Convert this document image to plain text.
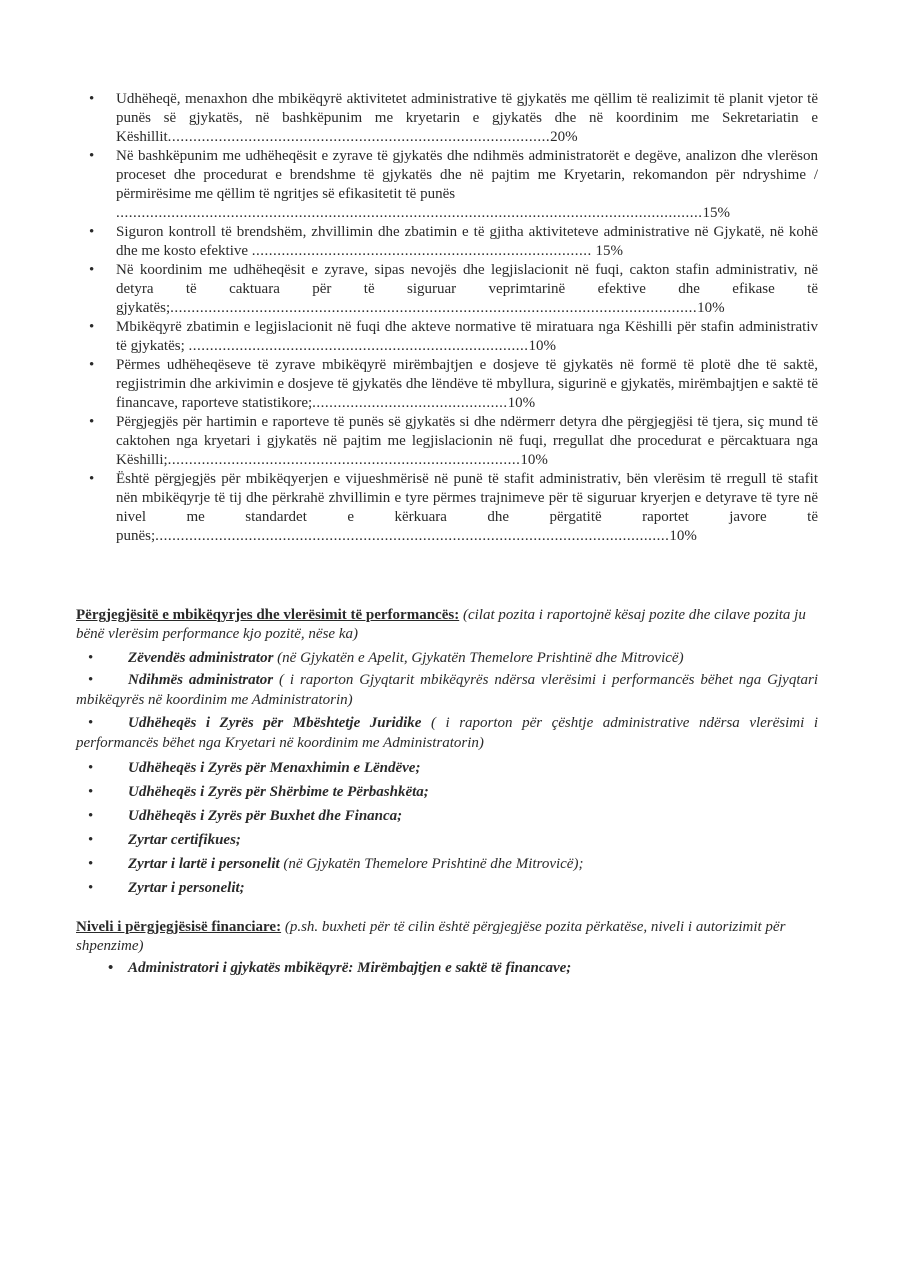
• Udhëheqë, menaxhon dhe mbikëqyrë aktivitetet administrative të gjykatës me qëllim të realizimit të planit vjetor të punës së gjykatës, në bashkëpunim me kryetarin e gjykatës dhe në koordinim me Sekretariatin e Këshillit..........................................................................................20%
• Në bashkëpunim me udhëheqësit e zyrave të gjykatës dhe ndihmës administratorët e degëve, analizon dhe vlerëson proceset dhe procedurat e brendshme të gjykatës dhe në pajtim me Kryetarin, rekomandon për ndryshime / përmirësime me qëllim të ngritjes së efikasitetit të punës
..........................................................................................................................................15%
• Siguron kontroll të brendshëm, zhvillimin dhe zbatimin e të gjitha aktiviteteve administrative në Gjykatë, në kohë dhe me kosto efektive ................................................................................ 15%
• Në koordinim me udhëheqësit e zyrave, sipas nevojës dhe legjislacionit në fuqi, cakton stafin administrativ, në detyra të caktuara për të siguruar veprimtarinë efektive dhe efikase të gjykatës;............................................................................................................................10%
• Mbikëqyrë zbatimin e legjislacionit në fuqi dhe akteve normative të miratuara nga Këshilli për stafin administrativ të gjykatës; ................................................................................10%
• Përmes udhëheqëseve të zyrave mbikëqyrë mirëmbajtjen e dosjeve të gjykatës në formë të plotë dhe të saktë, regjistrimin dhe arkivimin e dosjeve të gjykatës dhe lëndëve të mbyllura, sigurinë e gjykatës, mirëmbajtjen e saktë të financave, raporteve statistikore;..............................................10%
• Përgjegjës për hartimin e raporteve të punës së gjykatës si dhe ndërmerr detyra dhe përgjegjësi të tjera, siç mund të caktohen nga kryetari i gjykatës në pajtim me legjislacionin në fuqi, rregullat dhe procedurat e përcaktuara nga Këshilli;...................................................................................10%
• Është përgjegjës për mbikëqyerjen e vijueshmërisë në punë të stafit administrativ, bën vlerësim të rregull të stafit nën mbikëqyrje të tij dhe përkrahë zhvillimin e tyre përmes trajnimeve për të siguruar kryerjen e detyrave të tyre në nivel me standardet e kërkuara dhe përgatitë raportet javore të punës;.........................................................................................................................10%
Përgjegjësitë e mbikëqyrjes dhe vlerësimit të performancës: (cilat pozita i raportojnë kësaj pozite dhe cilave pozita ju bënë vlerësim performance kjo pozitë, nëse ka)
• Zëvendës administrator (në Gjykatën e Apelit, Gjykatën Themelore Prishtinë dhe Mitrovicë)
• Ndihmës administrator ( i raporton Gjyqtarit mbikëqyrës ndërsa vlerësimi i performancës bëhet nga Gjyqtari mbikëqyrës në koordinim me Administratorin)
• Udhëheqës i Zyrës për Mbështetje Juridike ( i raporton për çështje administrative ndërsa vlerësimi i performancës bëhet nga Kryetari në koordinim me Administratorin)
• Udhëheqës i Zyrës për Menaxhimin e Lëndëve;
• Udhëheqës i Zyrës për Shërbime te Përbashkëta;
• Udhëheqës i Zyrës për Buxhet dhe Financa;
• Zyrtar certifikues;
• Zyrtar i lartë i personelit (në Gjykatën Themelore Prishtinë dhe Mitrovicë);
• Zyrtar i personelit;
Niveli i përgjegjësisë financiare: (p.sh. buxheti për të cilin është përgjegjëse pozita përkatëse, niveli i autorizimit për shpenzime)
• Administratori i gjykatës mbikëqyrë: Mirëmbajtjen e saktë të financave;
